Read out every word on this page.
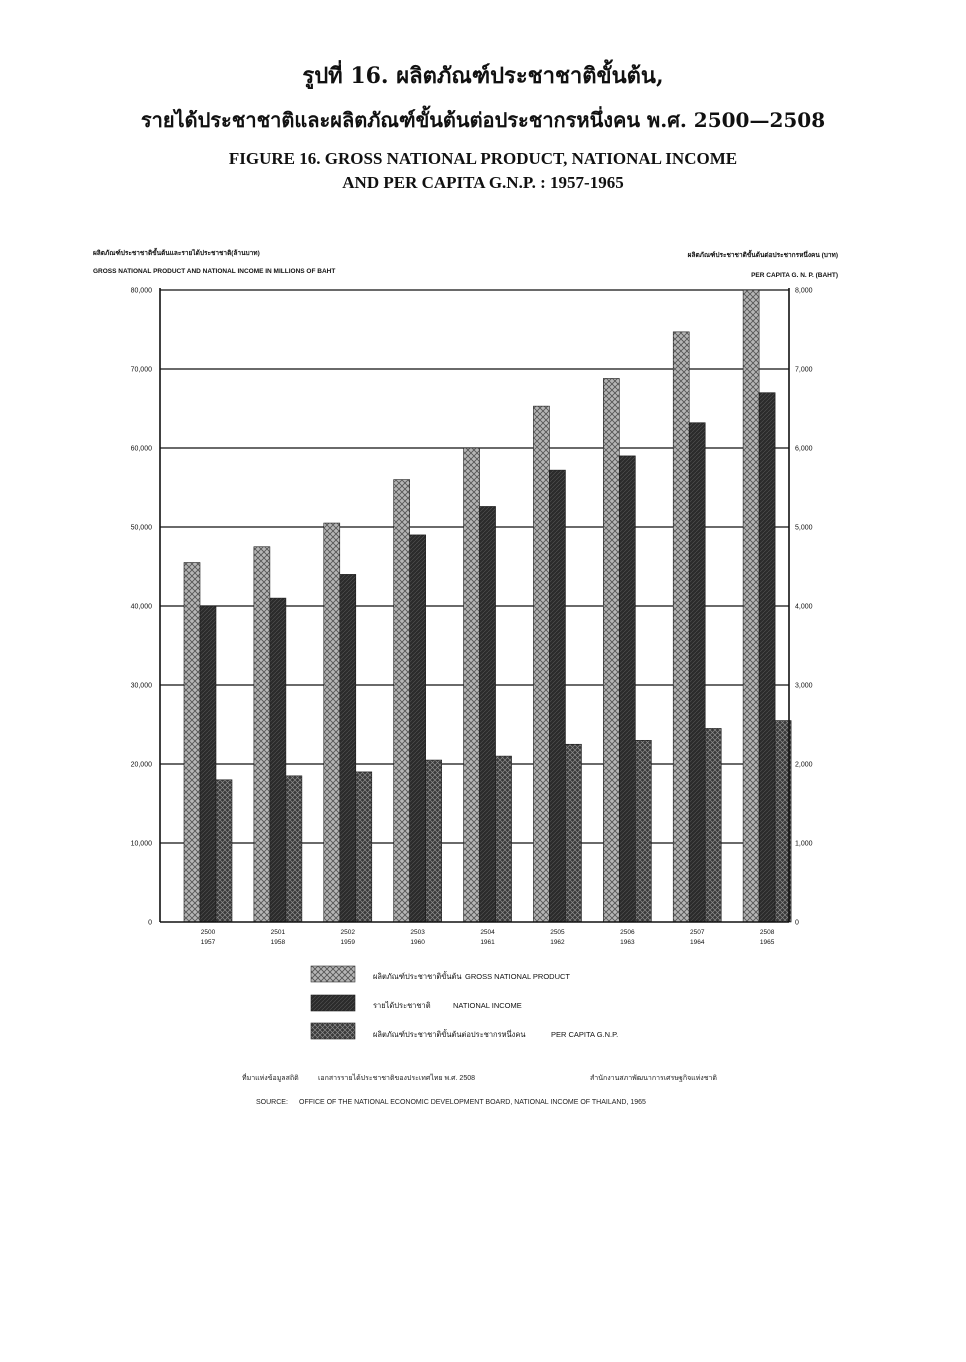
รูปที่ 16. ผลิตภัณฑ์ประชาชาติขั้นต้น,
รายได้ประชาชาติและผลิตภัณฑ์ขั้นต้นต่อประชากรหนึ่งคน พ.ศ. 2500—2508
FIGURE 16. GROSS NATIONAL PRODUCT, NATIONAL INCOME
AND PER CAPITA G.N.P. : 1957-1965
ผลิตภัณฑ์ประชาชาติขั้นต้นและรายได้ประชาชาติ(ล้านบาท)
GROSS NATIONAL PRODUCT AND NATIONAL INCOME IN MILLIONS OF BAHT
ผลิตภัณฑ์ประชาชาติขั้นต้นต่อประชากรหนึ่งคน (บาท)
PER CAPITA G. N. P. (BAHT)
0	0
10,000	1,000
20,000	2,000
30,000	3,000
40,000	4,000
50,000	5,000
60,000	6,000
70,000	7,000
80,000	8,000
2500
1957
2501
1958
2502
1959
2503
1960
2504
1961
2505
1962
2506
1963
2507
1964
2508
1965
ผลิตภัณฑ์ประชาชาติขั้นต้น GROSS NATIONAL PRODUCT
รายได้ประชาชาติ	NATIONAL INCOME
ผลิตภัณฑ์ประชาชาติขั้นต้นต่อประชากรหนึ่งคน	PER CAPITA G.N.P.
ที่มาแห่งข้อมูลสถิติ	เอกสารรายได้ประชาชาติของประเทศไทย พ.ศ. 2508	สำนักงานสภาพัฒนาการเศรษฐกิจแห่งชาติ
SOURCE: OFFICE OF THE NATIONAL ECONOMIC DEVELOPMENT BOARD, NATIONAL INCOME OF THAILAND, 1965
